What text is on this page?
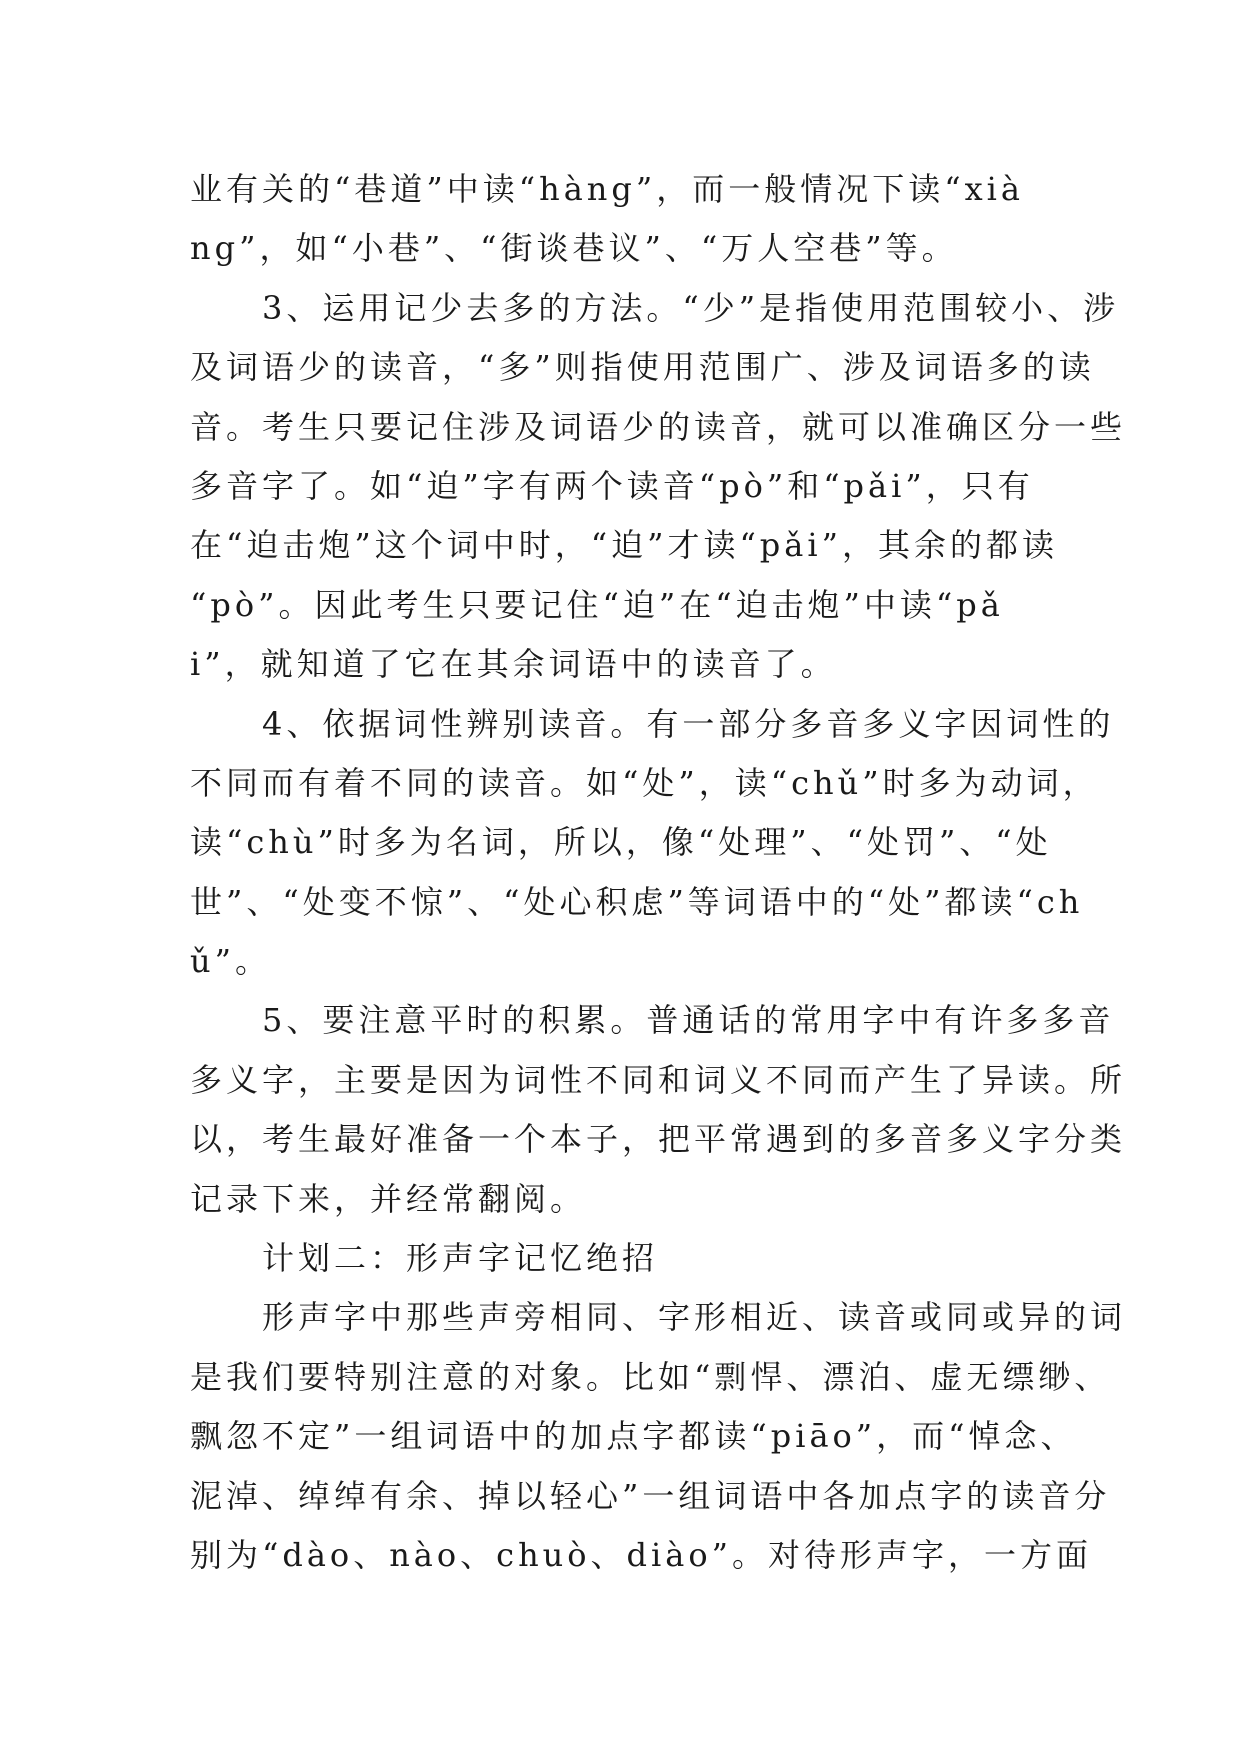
业有关的“巷道”中读“hàng”，而一般情况下读“xià
ng”，如“小巷”、“街谈巷议”、“万人空巷”等。
　　3、运用记少去多的方法。“少”是指使用范围较小、涉
及词语少的读音，“多”则指使用范围广、涉及词语多的读
音。考生只要记住涉及词语少的读音，就可以准确区分一些
多音字了。如“迫”字有两个读音“pò”和“pǎi”，只有
在“迫击炮”这个词中时，“迫”才读“pǎi”，其余的都读
“pò”。因此考生只要记住“迫”在“迫击炮”中读“pǎ
i”，就知道了它在其余词语中的读音了。
　　4、依据词性辨别读音。有一部分多音多义字因词性的
不同而有着不同的读音。如“处”，读“chǔ”时多为动词，
读“chù”时多为名词，所以，像“处理”、“处罚”、“处
世”、“处变不惊”、“处心积虑”等词语中的“处”都读“ch
ǔ”。
　　5、要注意平时的积累。普通话的常用字中有许多多音
多义字，主要是因为词性不同和词义不同而产生了异读。所
以，考生最好准备一个本子，把平常遇到的多音多义字分类
记录下来，并经常翻阅。
　　计划二：形声字记忆绝招
　　形声字中那些声旁相同、字形相近、读音或同或异的词
是我们要特别注意的对象。比如“剽悍、漂泊、虚无缥缈、
飘忽不定”一组词语中的加点字都读“piāo”，而“悼念、
泥淖、绰绰有余、掉以轻心”一组词语中各加点字的读音分
别为“dào、nào、chuò、diào”。对待形声字，一方面
